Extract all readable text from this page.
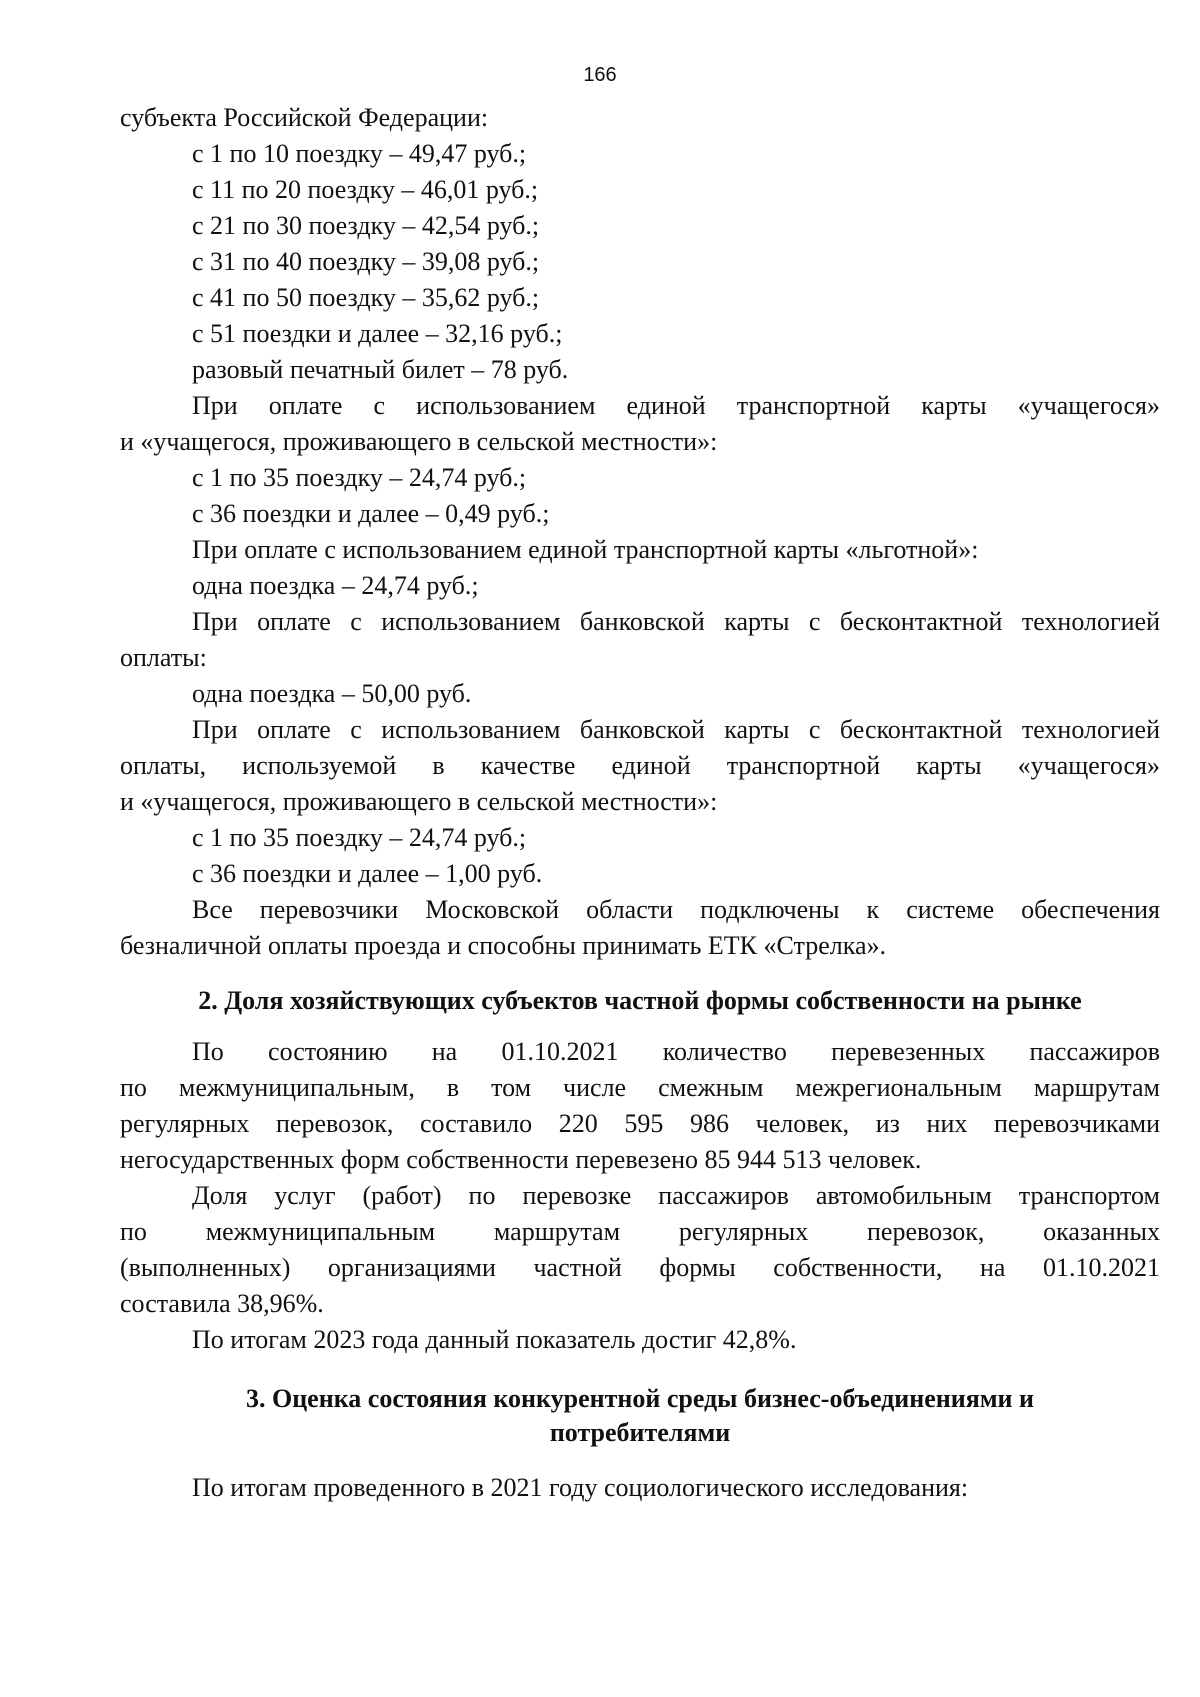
166
субъекта Российской Федерации:
с 1 по 10 поездку – 49,47 руб.;
с 11 по 20 поездку – 46,01 руб.;
с 21 по 30 поездку – 42,54 руб.;
с 31 по 40 поездку – 39,08 руб.;
с 41 по 50 поездку – 35,62 руб.;
с 51 поездки и далее – 32,16 руб.;
разовый печатный билет – 78 руб.
При оплате с использованием единой транспортной карты «учащегося»
и «учащегося, проживающего в сельской местности»:
с 1 по 35 поездку – 24,74 руб.;
с 36 поездки и далее – 0,49 руб.;
При оплате с использованием единой транспортной карты «льготной»:
одна поездка – 24,74 руб.;
При оплате с использованием банковской карты с бесконтактной технологией
оплаты:
одна поездка – 50,00 руб.
При оплате с использованием банковской карты с бесконтактной технологией
оплаты, используемой в качестве единой транспортной карты «учащегося»
и «учащегося, проживающего в сельской местности»:
с 1 по 35 поездку – 24,74 руб.;
с 36 поездки и далее – 1,00 руб.
Все перевозчики Московской области подключены к системе обеспечения
безналичной оплаты проезда и способны принимать ЕТК «Стрелка».
2. Доля хозяйствующих субъектов частной формы собственности на рынке
По состоянию на 01.10.2021 количество перевезенных пассажиров
по межмуниципальным, в том числе смежным межрегиональным маршрутам
регулярных перевозок, составило 220 595 986 человек, из них перевозчиками
негосударственных форм собственности перевезено 85 944 513 человек.
Доля услуг (работ) по перевозке пассажиров автомобильным транспортом
по межмуниципальным маршрутам регулярных перевозок, оказанных
(выполненных) организациями частной формы собственности, на 01.10.2021
составила 38,96%.
По итогам 2023 года данный показатель достиг 42,8%.
3. Оценка состояния конкурентной среды бизнес-объединениями и
потребителями
По итогам проведенного в 2021 году социологического исследования:
